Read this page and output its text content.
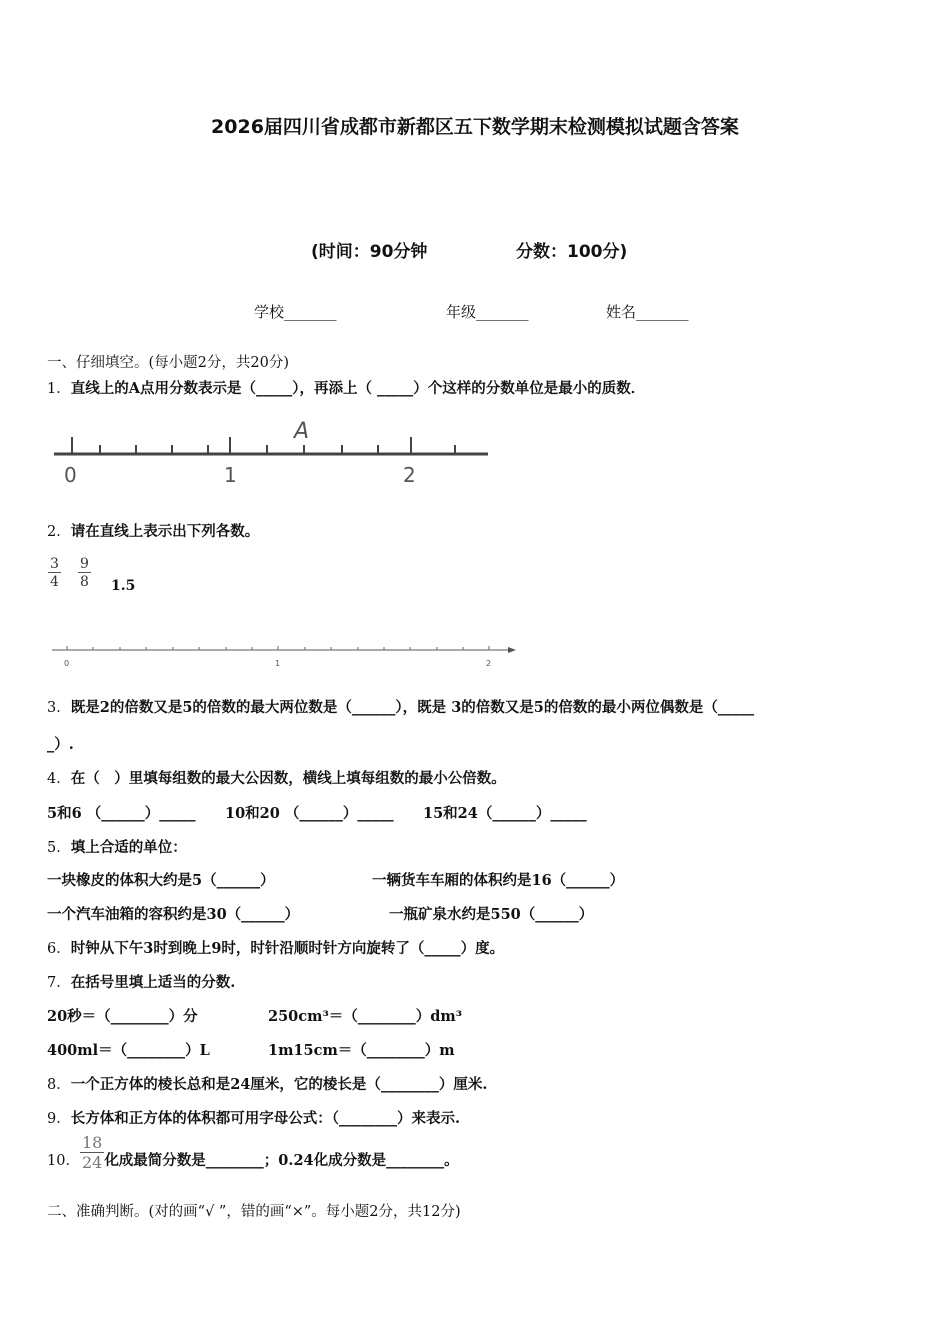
2026届四川省成都市新都区五下数学期末检测模拟试题含答案
(时间：90分钟	分数：100分)
学校_______	年级_______	姓名_______
一、仔细填空。(每小题2分，共20分)
1．直线上的A点用分数表示是（_____），再添上（ _____）个这样的分数单位是最小的质数．
A
0	1	2
2．请在直线上表示出下列各数。
$\frac{3}{4} \frac{9}{8} 1.5$
0	1	2
3．既是2的倍数又是5的倍数的最大两位数是（______），既是 3的倍数又是5的倍数的最小两位偶数是（_____
_）.
4．在（　）里填每组数的最大公因数，横线上填每组数的最小公倍数。
5和6 （______）_____ 10和20 （______）_____ 15和24（______）_____
5．填上合适的单位：
一块橡皮的体积大约是5（______）	一辆货车车厢的体积约是16（______）
一个汽车油箱的容积约是30（______）	一瓶矿泉水约是550（______）
6．时钟从下午3时到晚上9时，时针沿顺时针方向旋转了（_____）度。
7．在括号里填上适当的分数.
20秒＝（________）分	250cm³＝（________）dm³
400ml＝（________）L	1m15cm＝（________）m
8．一个正方体的棱长总和是24厘米，它的棱长是（________）厘米.
9．长方体和正方体的体积都可用字母公式：（________）来表示.
10． $\frac{18}{24}$ 化成最简分数是________；0.24化成分数是________。
二、准确判断。(对的画“√ ”，错的画“×”。每小题2分，共12分)
